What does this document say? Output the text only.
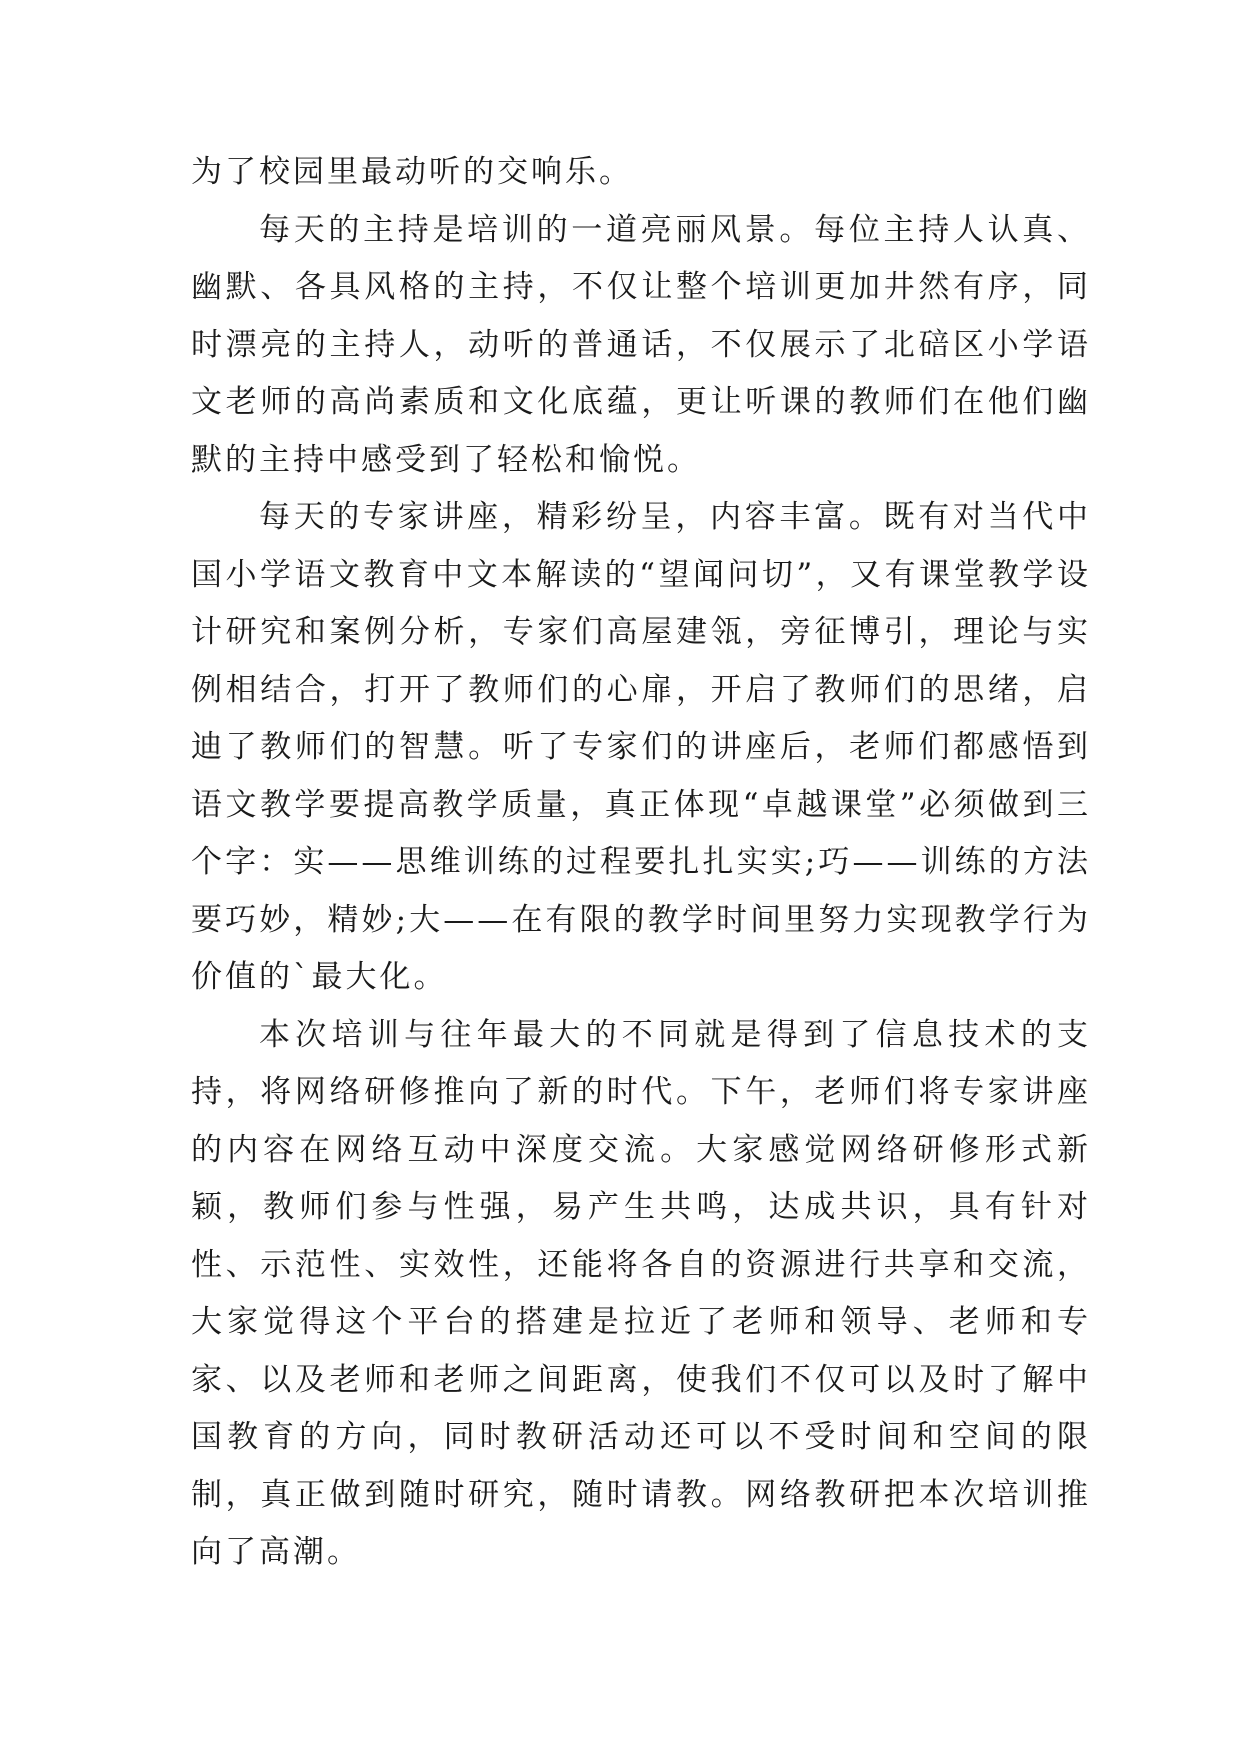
为了校园里最动听的交响乐。

每天的主持是培训的一道亮丽风景。每位主持人认真、幽默、各具风格的主持，不仅让整个培训更加井然有序，同时漂亮的主持人，动听的普通话，不仅展示了北碚区小学语文老师的高尚素质和文化底蕴，更让听课的教师们在他们幽默的主持中感受到了轻松和愉悦。

每天的专家讲座，精彩纷呈，内容丰富。既有对当代中国小学语文教育中文本解读的“望闻问切”，又有课堂教学设计研究和案例分析，专家们高屋建瓴，旁征博引，理论与实例相结合，打开了教师们的心扉，开启了教师们的思绪，启迪了教师们的智慧。听了专家们的讲座后，老师们都感悟到语文教学要提高教学质量，真正体现“卓越课堂”必须做到三个字：实——思维训练的过程要扎扎实实;巧——训练的方法要巧妙，精妙;大——在有限的教学时间里努力实现教学行为价值的`最大化。

本次培训与往年最大的不同就是得到了信息技术的支持，将网络研修推向了新的时代。下午，老师们将专家讲座的内容在网络互动中深度交流。大家感觉网络研修形式新颖，教师们参与性强，易产生共鸣，达成共识，具有针对性、示范性、实效性，还能将各自的资源进行共享和交流，大家觉得这个平台的搭建是拉近了老师和领导、老师和专家、以及老师和老师之间距离，使我们不仅可以及时了解中国教育的方向，同时教研活动还可以不受时间和空间的限制，真正做到随时研究，随时请教。网络教研把本次培训推向了高潮。
